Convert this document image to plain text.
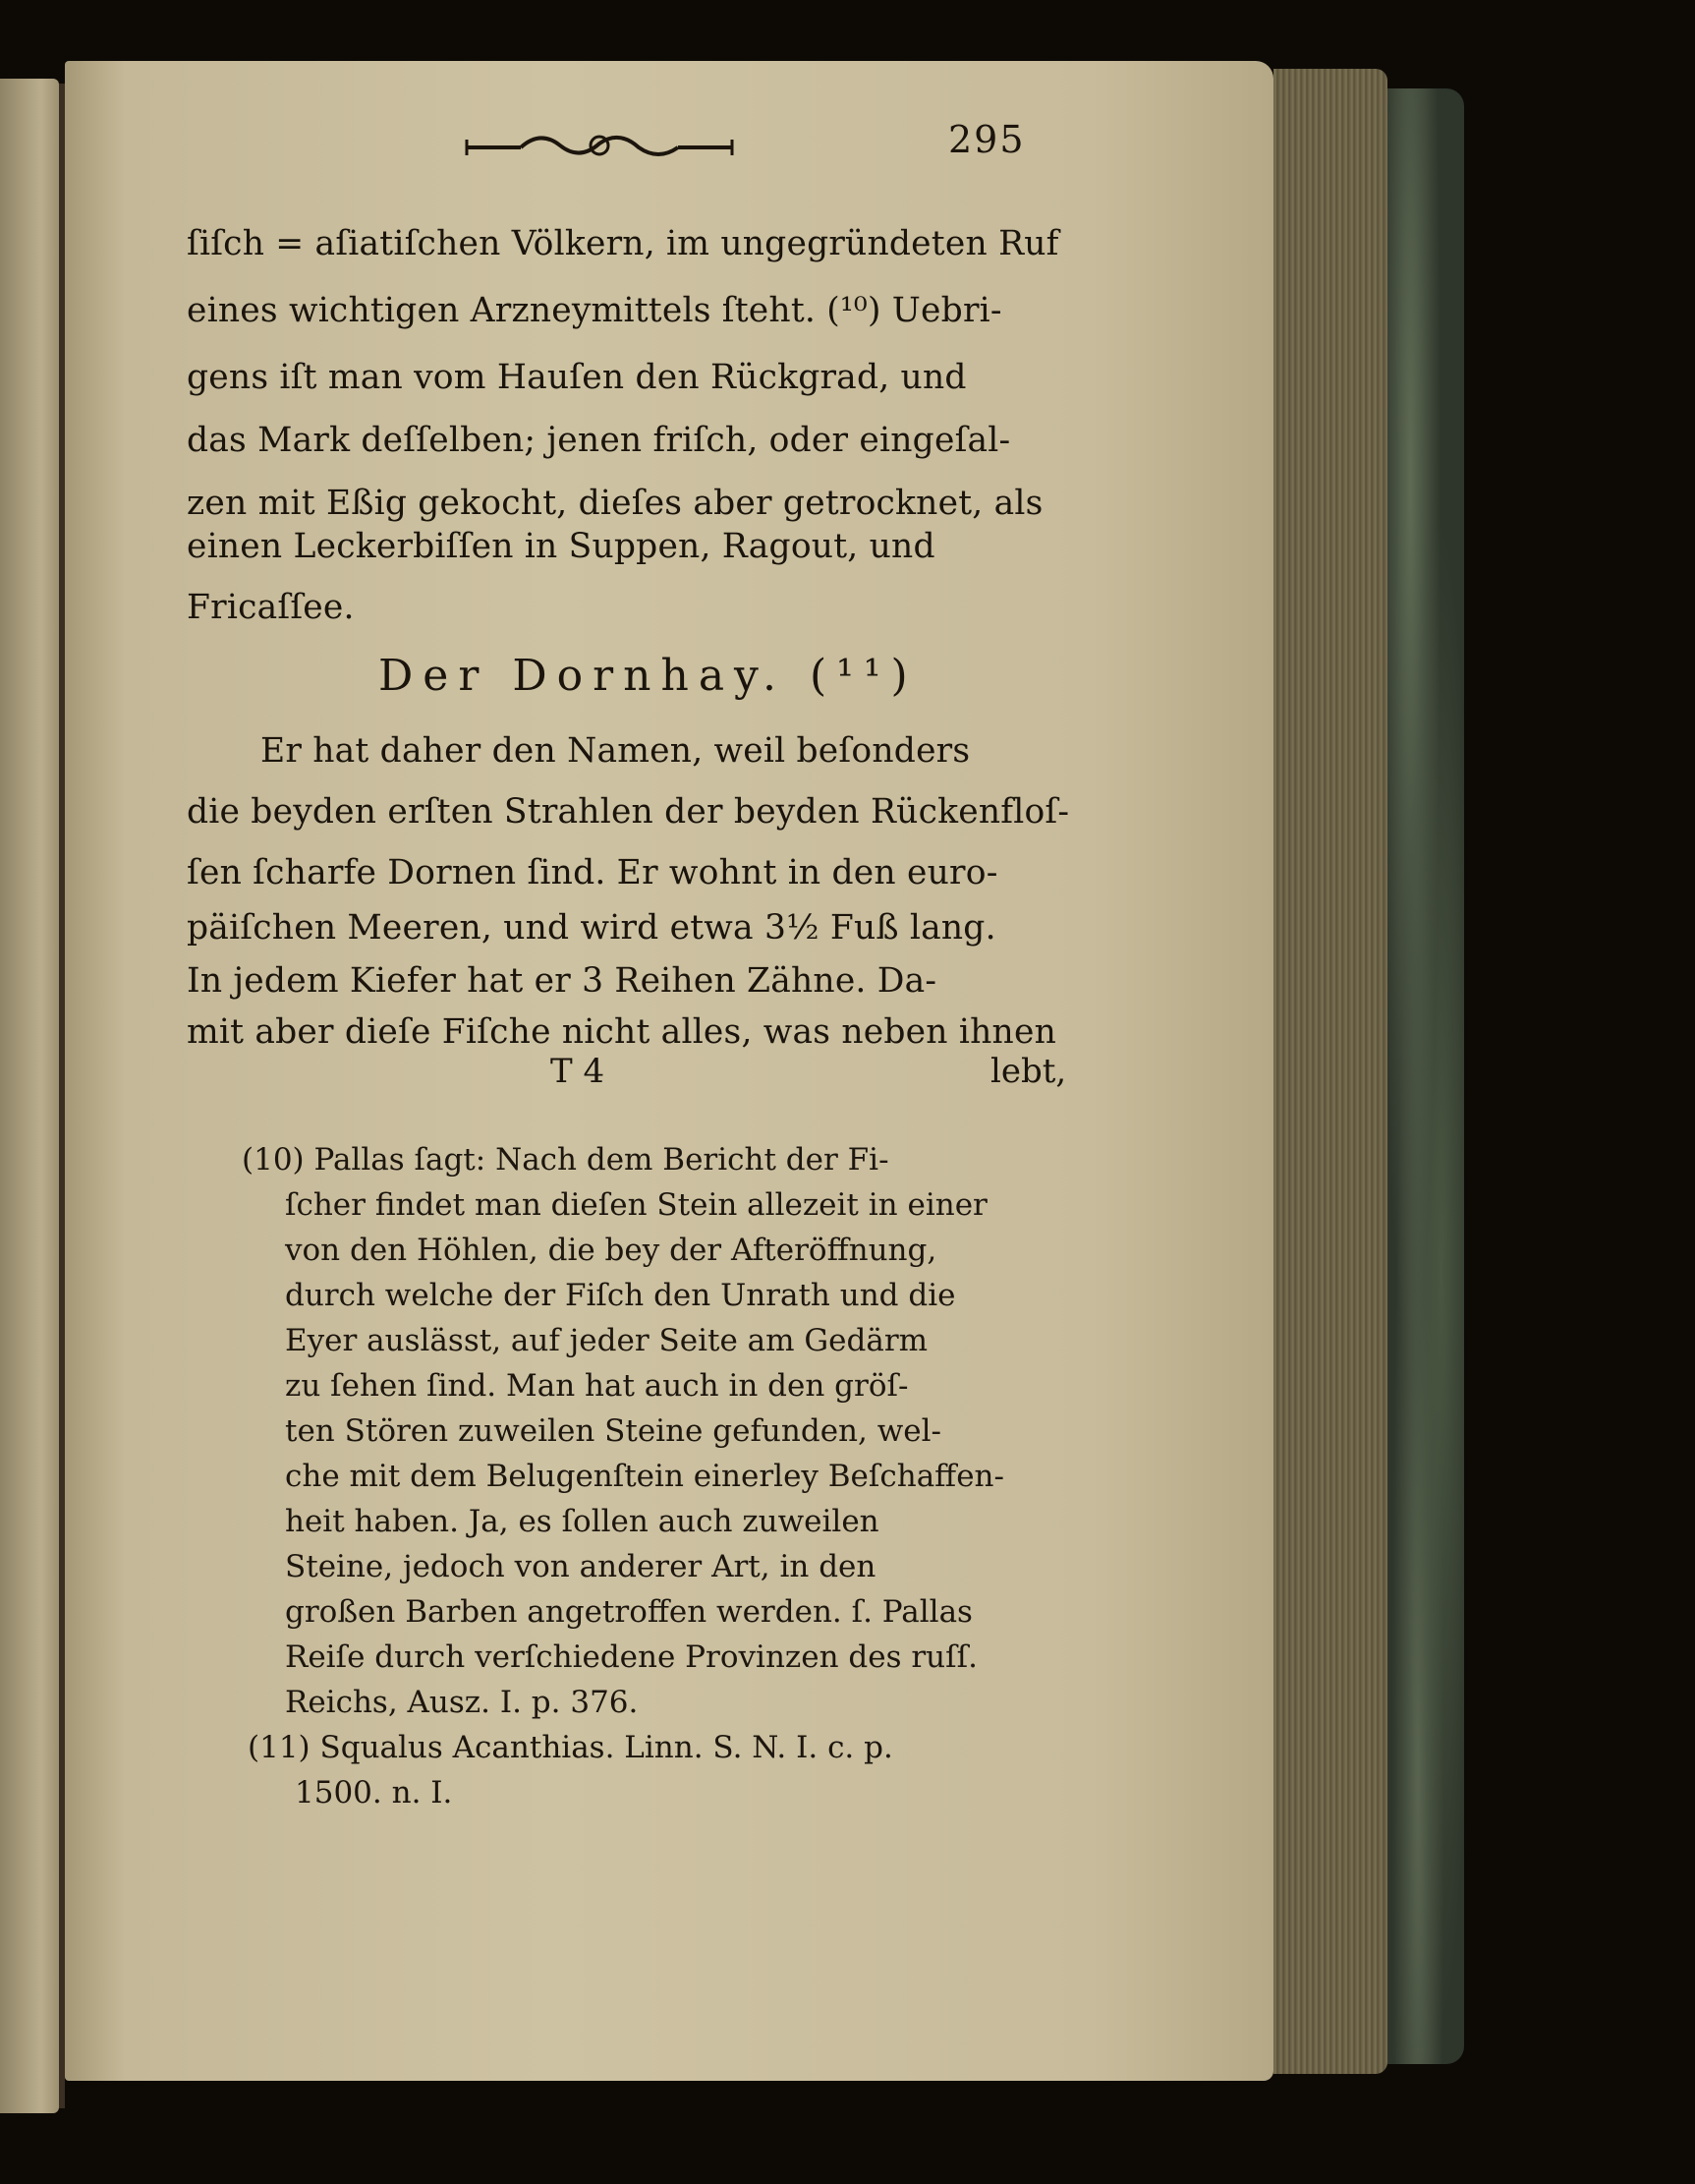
295
ſiſch = aſiatiſchen Völkern, im ungegründeten Ruf
eines wichtigen Arzneymittels ſteht. (¹⁰) Uebri-
gens iſt man vom Hauſen den Rückgrad, und
das Mark deſſelben; jenen friſch, oder eingeſal-
zen mit Eßig gekocht, dieſes aber getrocknet, als
einen Leckerbiſſen in Suppen, Ragout, und
Fricaſſee.
Der Dornhay. (¹¹)
Er hat daher den Namen, weil beſonders
die beyden erſten Strahlen der beyden Rückenfloſ-
ſen ſcharfe Dornen ſind. Er wohnt in den euro-
päiſchen Meeren, und wird etwa 3½ Fuß lang.
In jedem Kiefer hat er 3 Reihen Zähne. Da-
mit aber dieſe Fiſche nicht alles, was neben ihnen
T 4	lebt,
(10) Pallas ſagt: Nach dem Bericht der Fi-
ſcher findet man dieſen Stein allezeit in einer
von den Höhlen, die bey der Afteröffnung,
durch welche der Fiſch den Unrath und die
Eyer auslässt, auf jeder Seite am Gedärm
zu ſehen ſind. Man hat auch in den gröſ-
ten Stören zuweilen Steine gefunden, wel-
che mit dem Belugenſtein einerley Beſchaffen-
heit haben. Ja, es ſollen auch zuweilen
Steine, jedoch von anderer Art, in den
großen Barben angetroffen werden. ſ. Pallas
Reiſe durch verſchiedene Provinzen des ruſſ.
Reichs, Ausz. I. p. 376.
(11) Squalus Acanthias. Linn. S. N. I. c. p.
1500. n. I.
